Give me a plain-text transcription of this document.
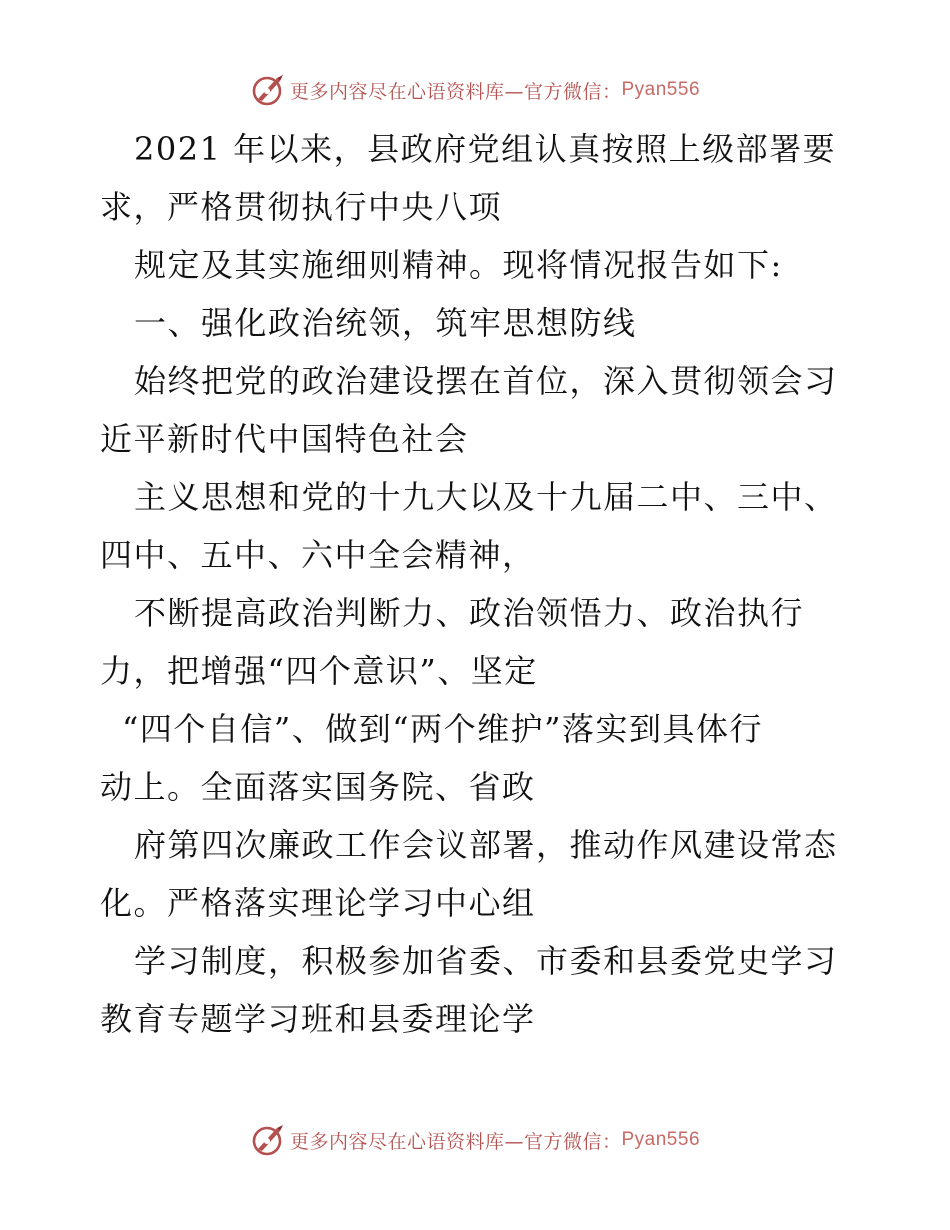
更多内容尽在心语资料库—官方微信： Pyan556
2021 年以来，县政府党组认真按照上级部署要
求，严格贯彻执行中央八项
规定及其实施细则精神。现将情况报告如下:
一、强化政治统领，筑牢思想防线
始终把党的政治建设摆在首位，深入贯彻领会习
近平新时代中国特色社会
主义思想和党的十九大以及十九届二中、三中、
四中、五中、六中全会精神，
不断提高政治判断力、政治领悟力、政治执行
力，把增强“四个意识”、坚定
“四个自信”、做到“两个维护”落实到具体行
动上。全面落实国务院、省政
府第四次廉政工作会议部署，推动作风建设常态
化。严格落实理论学习中心组
学习制度，积极参加省委、市委和县委党史学习
教育专题学习班和县委理论学
更多内容尽在心语资料库—官方微信： Pyan556
